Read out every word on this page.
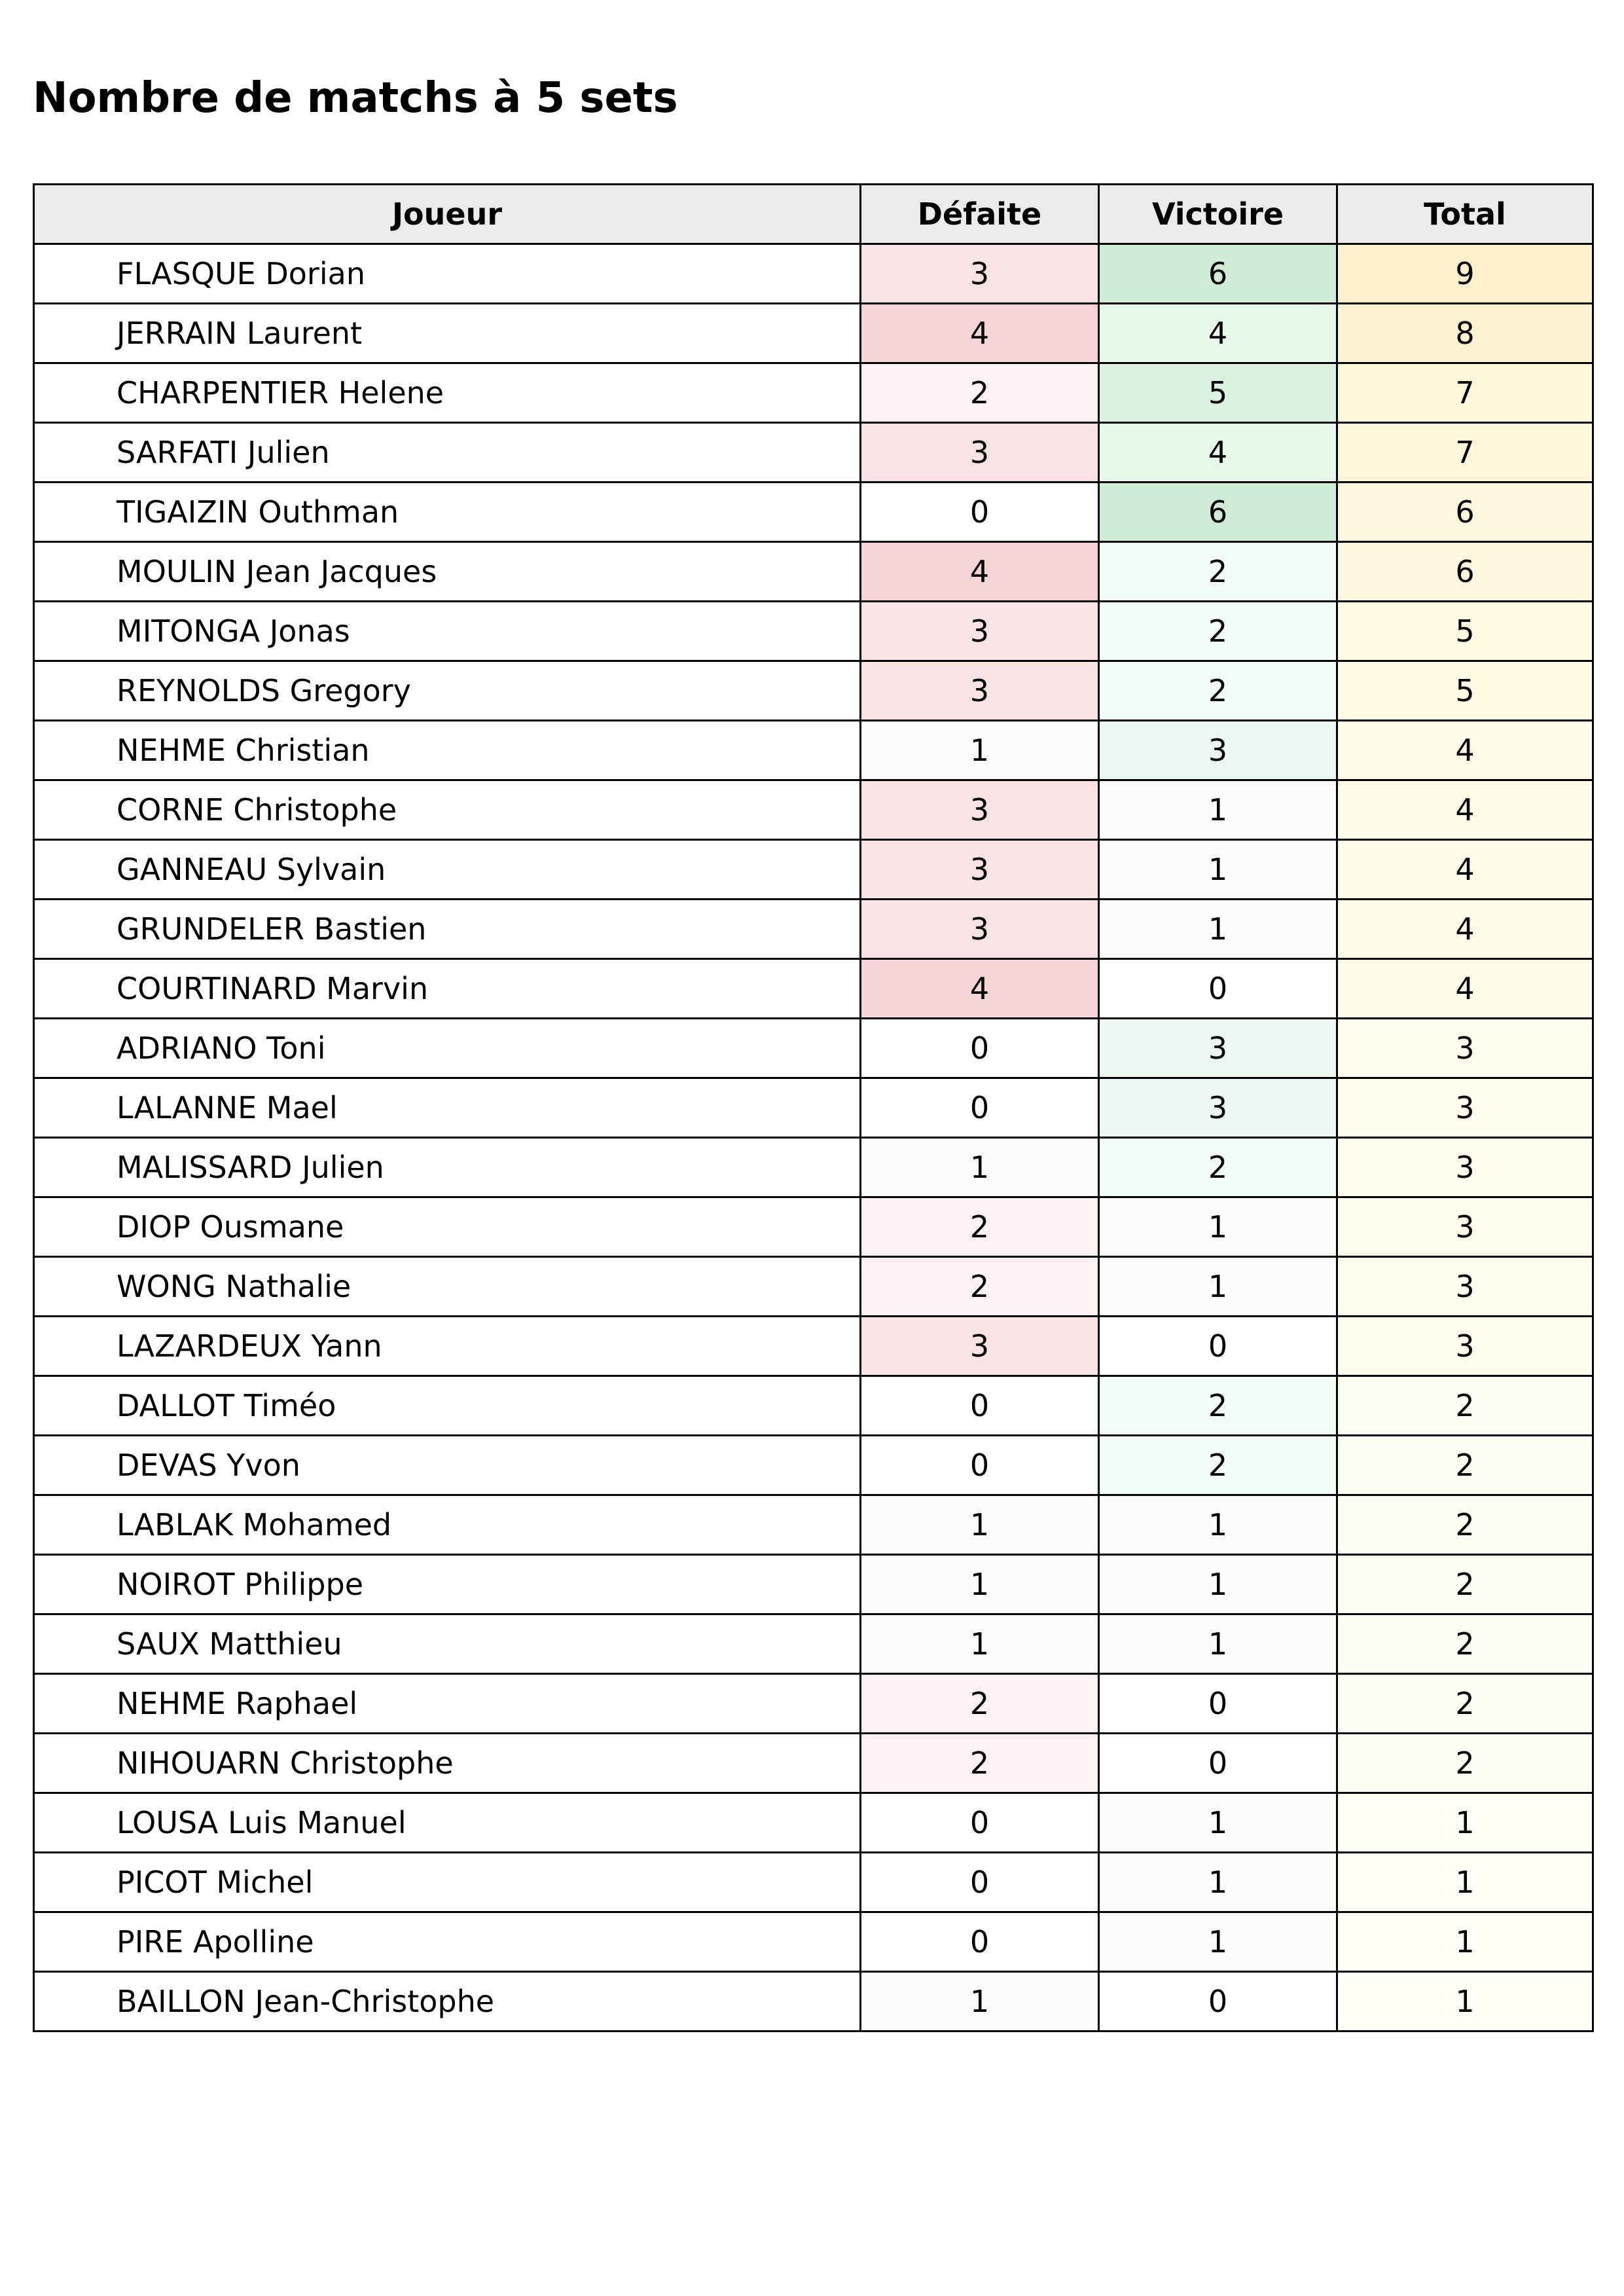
Nombre de matchs à 5 sets
Joueur	Défaite	Victoire	Total
FLASQUE Dorian	3	6	9
JERRAIN Laurent	4	4	8
CHARPENTIER Helene	2	5	7
SARFATI Julien	3	4	7
TIGAIZIN Outhman	0	6	6
MOULIN Jean Jacques	4	2	6
MITONGA Jonas	3	2	5
REYNOLDS Gregory	3	2	5
NEHME Christian	1	3	4
CORNE Christophe	3	1	4
GANNEAU Sylvain	3	1	4
GRUNDELER Bastien	3	1	4
COURTINARD Marvin	4	0	4
ADRIANO Toni	0	3	3
LALANNE Mael	0	3	3
MALISSARD Julien	1	2	3
DIOP Ousmane	2	1	3
WONG Nathalie	2	1	3
LAZARDEUX Yann	3	0	3
DALLOT Timéo	0	2	2
DEVAS Yvon	0	2	2
LABLAK Mohamed	1	1	2
NOIROT Philippe	1	1	2
SAUX Matthieu	1	1	2
NEHME Raphael	2	0	2
NIHOUARN Christophe	2	0	2
LOUSA Luis Manuel	0	1	1
PICOT Michel	0	1	1
PIRE Apolline	0	1	1
BAILLON Jean-Christophe	1	0	1
